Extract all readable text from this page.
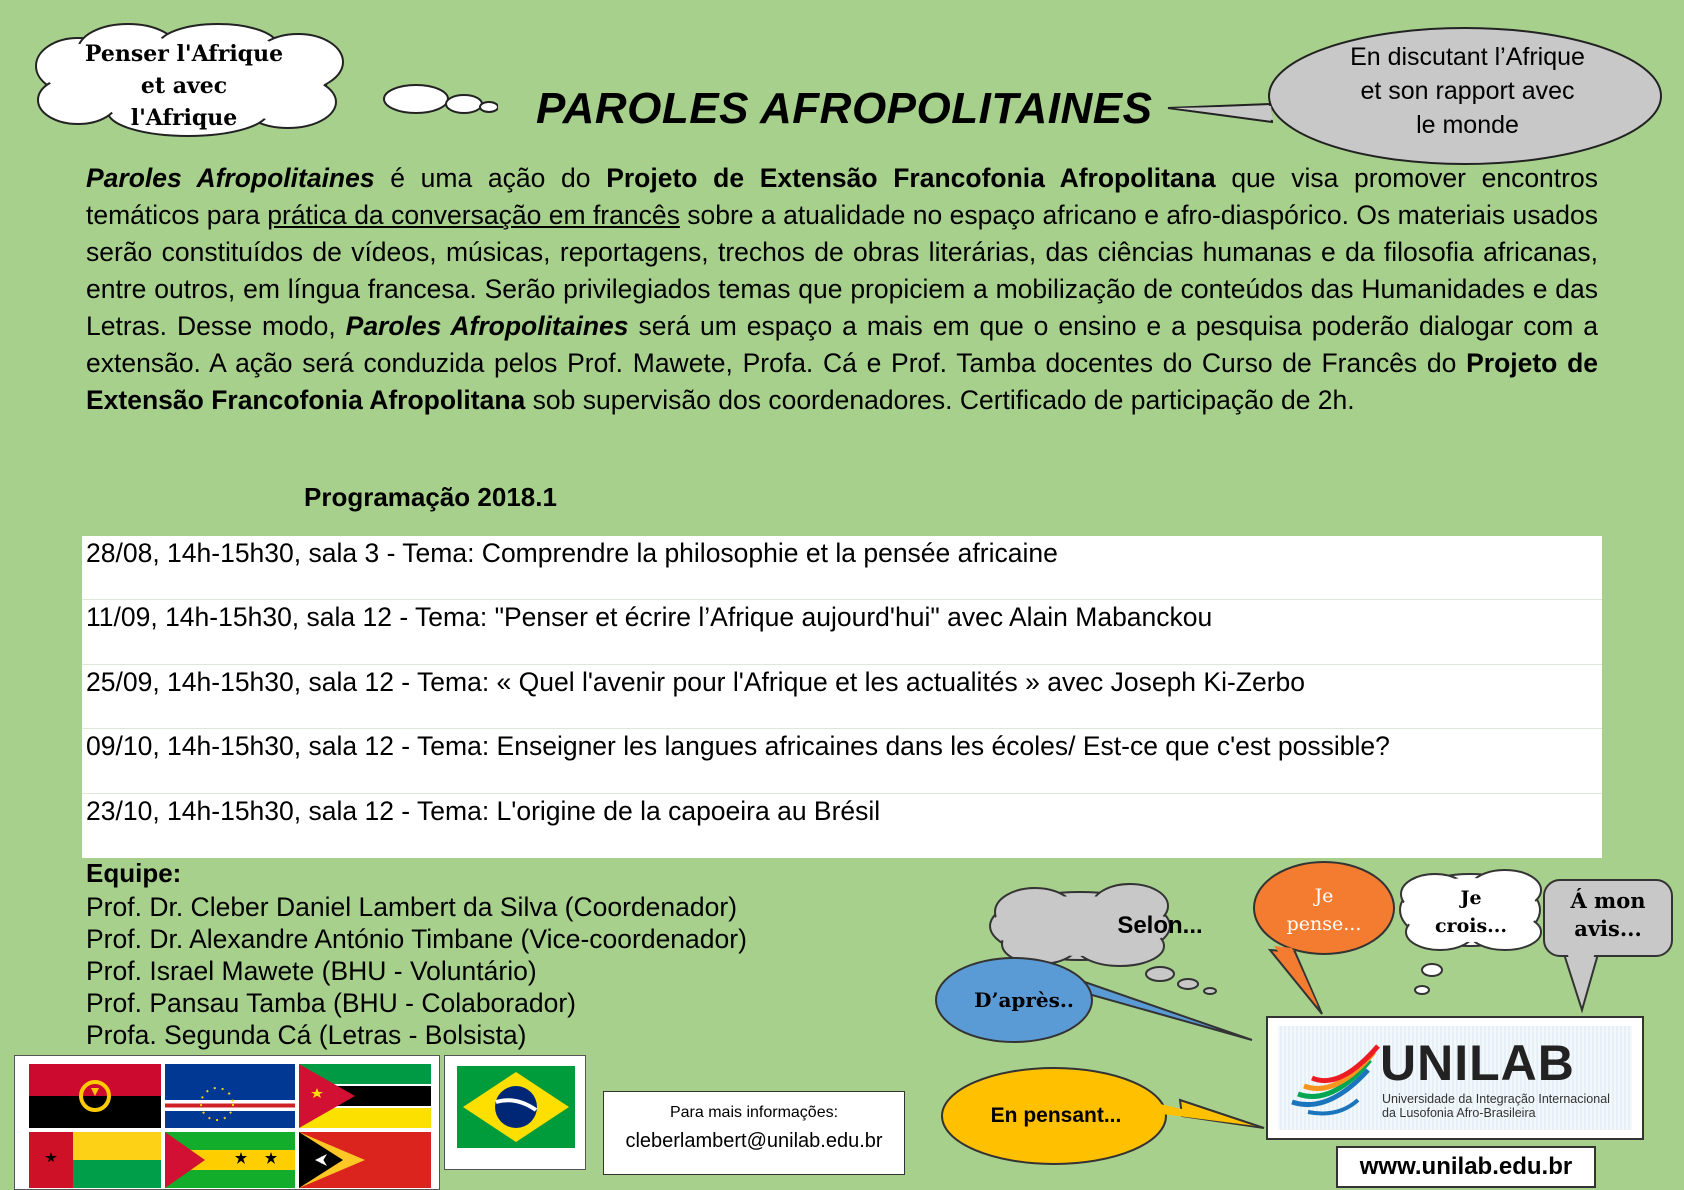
Penser l'Afrique
et avec l'Afrique	PAROLES AFROPOLITAINES
En discutant l’Afrique
et son rapport avec
le monde
Paroles Afropolitaines é uma ação do Projeto de Extensão Francofonia Afropolitana que visa promover encontros temáticos para prática da conversação em francês sobre a atualidade no espaço africano e afro-diaspórico. Os materiais usados serão constituídos de vídeos, músicas, reportagens, trechos de obras literárias, das ciências humanas e da filosofia africanas, entre outros, em língua francesa. Serão privilegiados temas que propiciem a mobilização de conteúdos das Humanidades e das Letras. Desse modo, Paroles Afropolitaines será um espaço a mais em que o ensino e a pesquisa poderão dialogar com a extensão. A ação será conduzida pelos Prof. Mawete, Profa. Cá e Prof. Tamba docentes do Curso de Francês do Projeto de Extensão Francofonia Afropolitana sob supervisão dos coordenadores. Certificado de participação de 2h.
Programação 2018.1
28/08, 14h-15h30, sala 3 - Tema: Comprendre la philosophie et la pensée africaine
11/09, 14h-15h30, sala 12 - Tema: "Penser et écrire l’Afrique aujourd'hui" avec Alain Mabanckou
25/09, 14h-15h30, sala 12 - Tema: « Quel l'avenir pour l'Afrique et les actualités » avec Joseph Ki-Zerbo
09/10, 14h-15h30, sala 12 - Tema: Enseigner les langues africaines dans les écoles/ Est-ce que c'est possible?
23/10, 14h-15h30, sala 12 - Tema: L'origine de la capoeira au Brésil
Equipe:
Prof. Dr. Cleber Daniel Lambert da Silva (Coordenador)
Prof. Dr. Alexandre António Timbane (Vice-coordenador)
Prof. Israel Mawete (BHU - Voluntário)
Prof. Pansau Tamba (BHU - Colaborador)
Profa. Segunda Cá (Letras - Bolsista)
Para mais informações:
cleberlambert@unilab.edu.br
Selon...
Je
pense...
Je
crois...
Á mon
avis...
D’après..
En pensant...
UNILAB
Universidade da Integração Internacional
da Lusofonia Afro-Brasileira
www.unilab.edu.br
